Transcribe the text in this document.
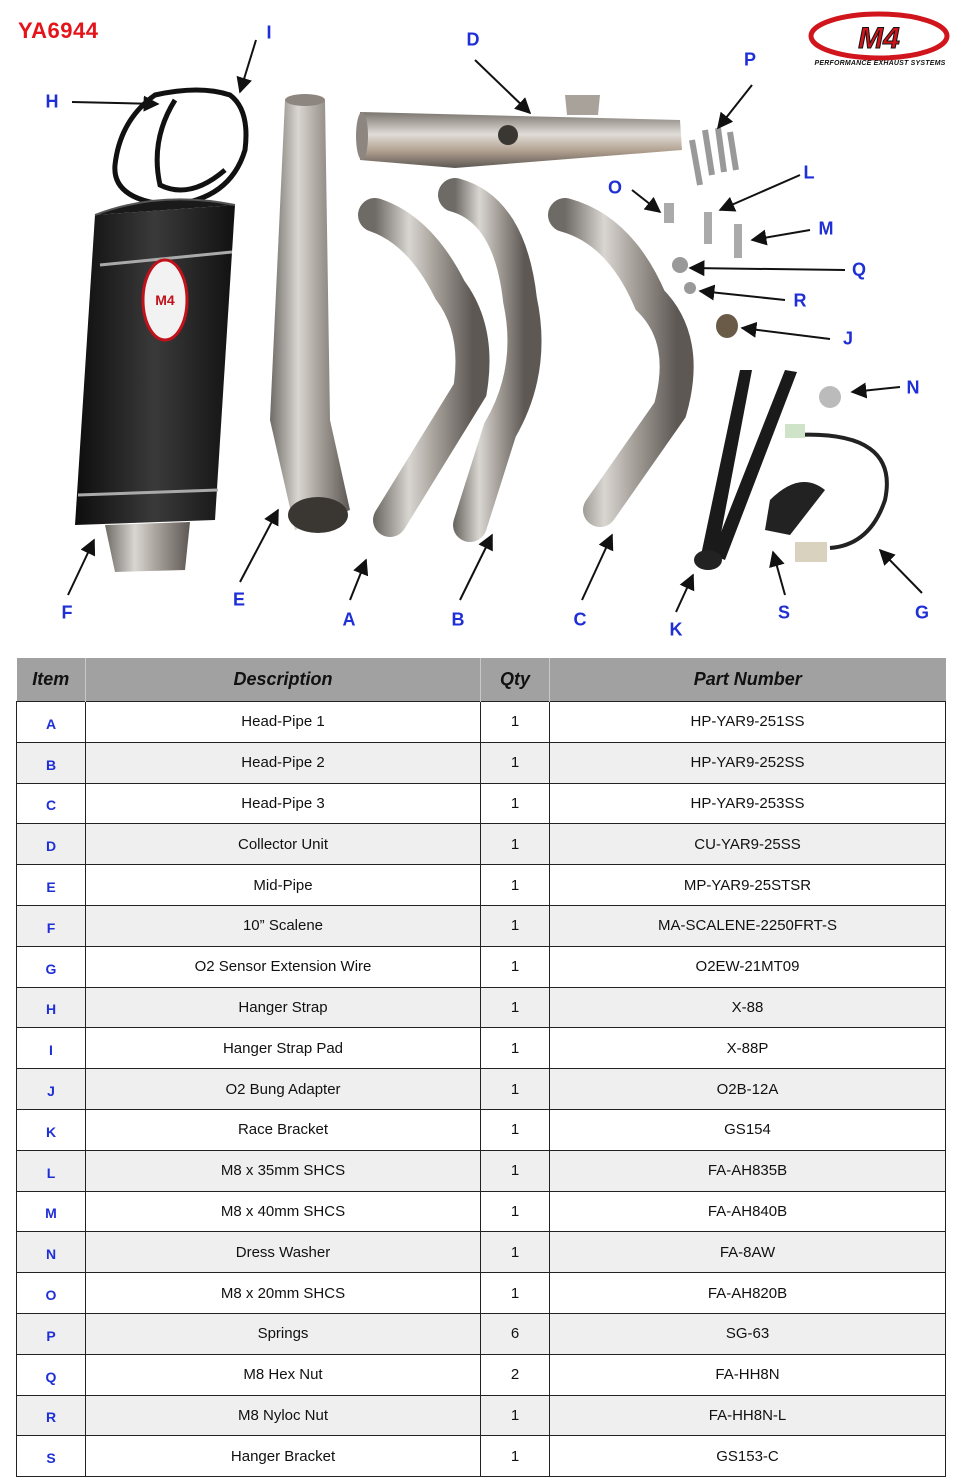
M4
YA6944	M4
PERFORMANCE EXHAUST SYSTEMS
H
I	D
P
L
O
M
Q
R
J
N
F
E
A	B	C	K
S	G
Item	Description	Qty	Part Number
A	Head-Pipe 1	1	HP-YAR9-251SS
B	Head-Pipe 2	1	HP-YAR9-252SS
C	Head-Pipe 3	1	HP-YAR9-253SS
D	Collector Unit	1	CU-YAR9-25SS
E	Mid-Pipe	1	MP-YAR9-25STSR
F	10” Scalene	1	MA-SCALENE-2250FRT-S
G	O2 Sensor Extension Wire	1	O2EW-21MT09
H	Hanger Strap	1	X-88
I	Hanger Strap Pad	1	X-88P
J	O2 Bung Adapter	1	O2B-12A
K	Race Bracket	1	GS154
L	M8 x 35mm SHCS	1	FA-AH835B
M	M8 x 40mm SHCS	1	FA-AH840B
N	Dress Washer	1	FA-8AW
O	M8 x 20mm SHCS	1	FA-AH820B
P	Springs	6	SG-63
Q	M8 Hex Nut	2	FA-HH8N
R	M8 Nyloc Nut	1	FA-HH8N-L
S	Hanger Bracket	1	GS153-C
